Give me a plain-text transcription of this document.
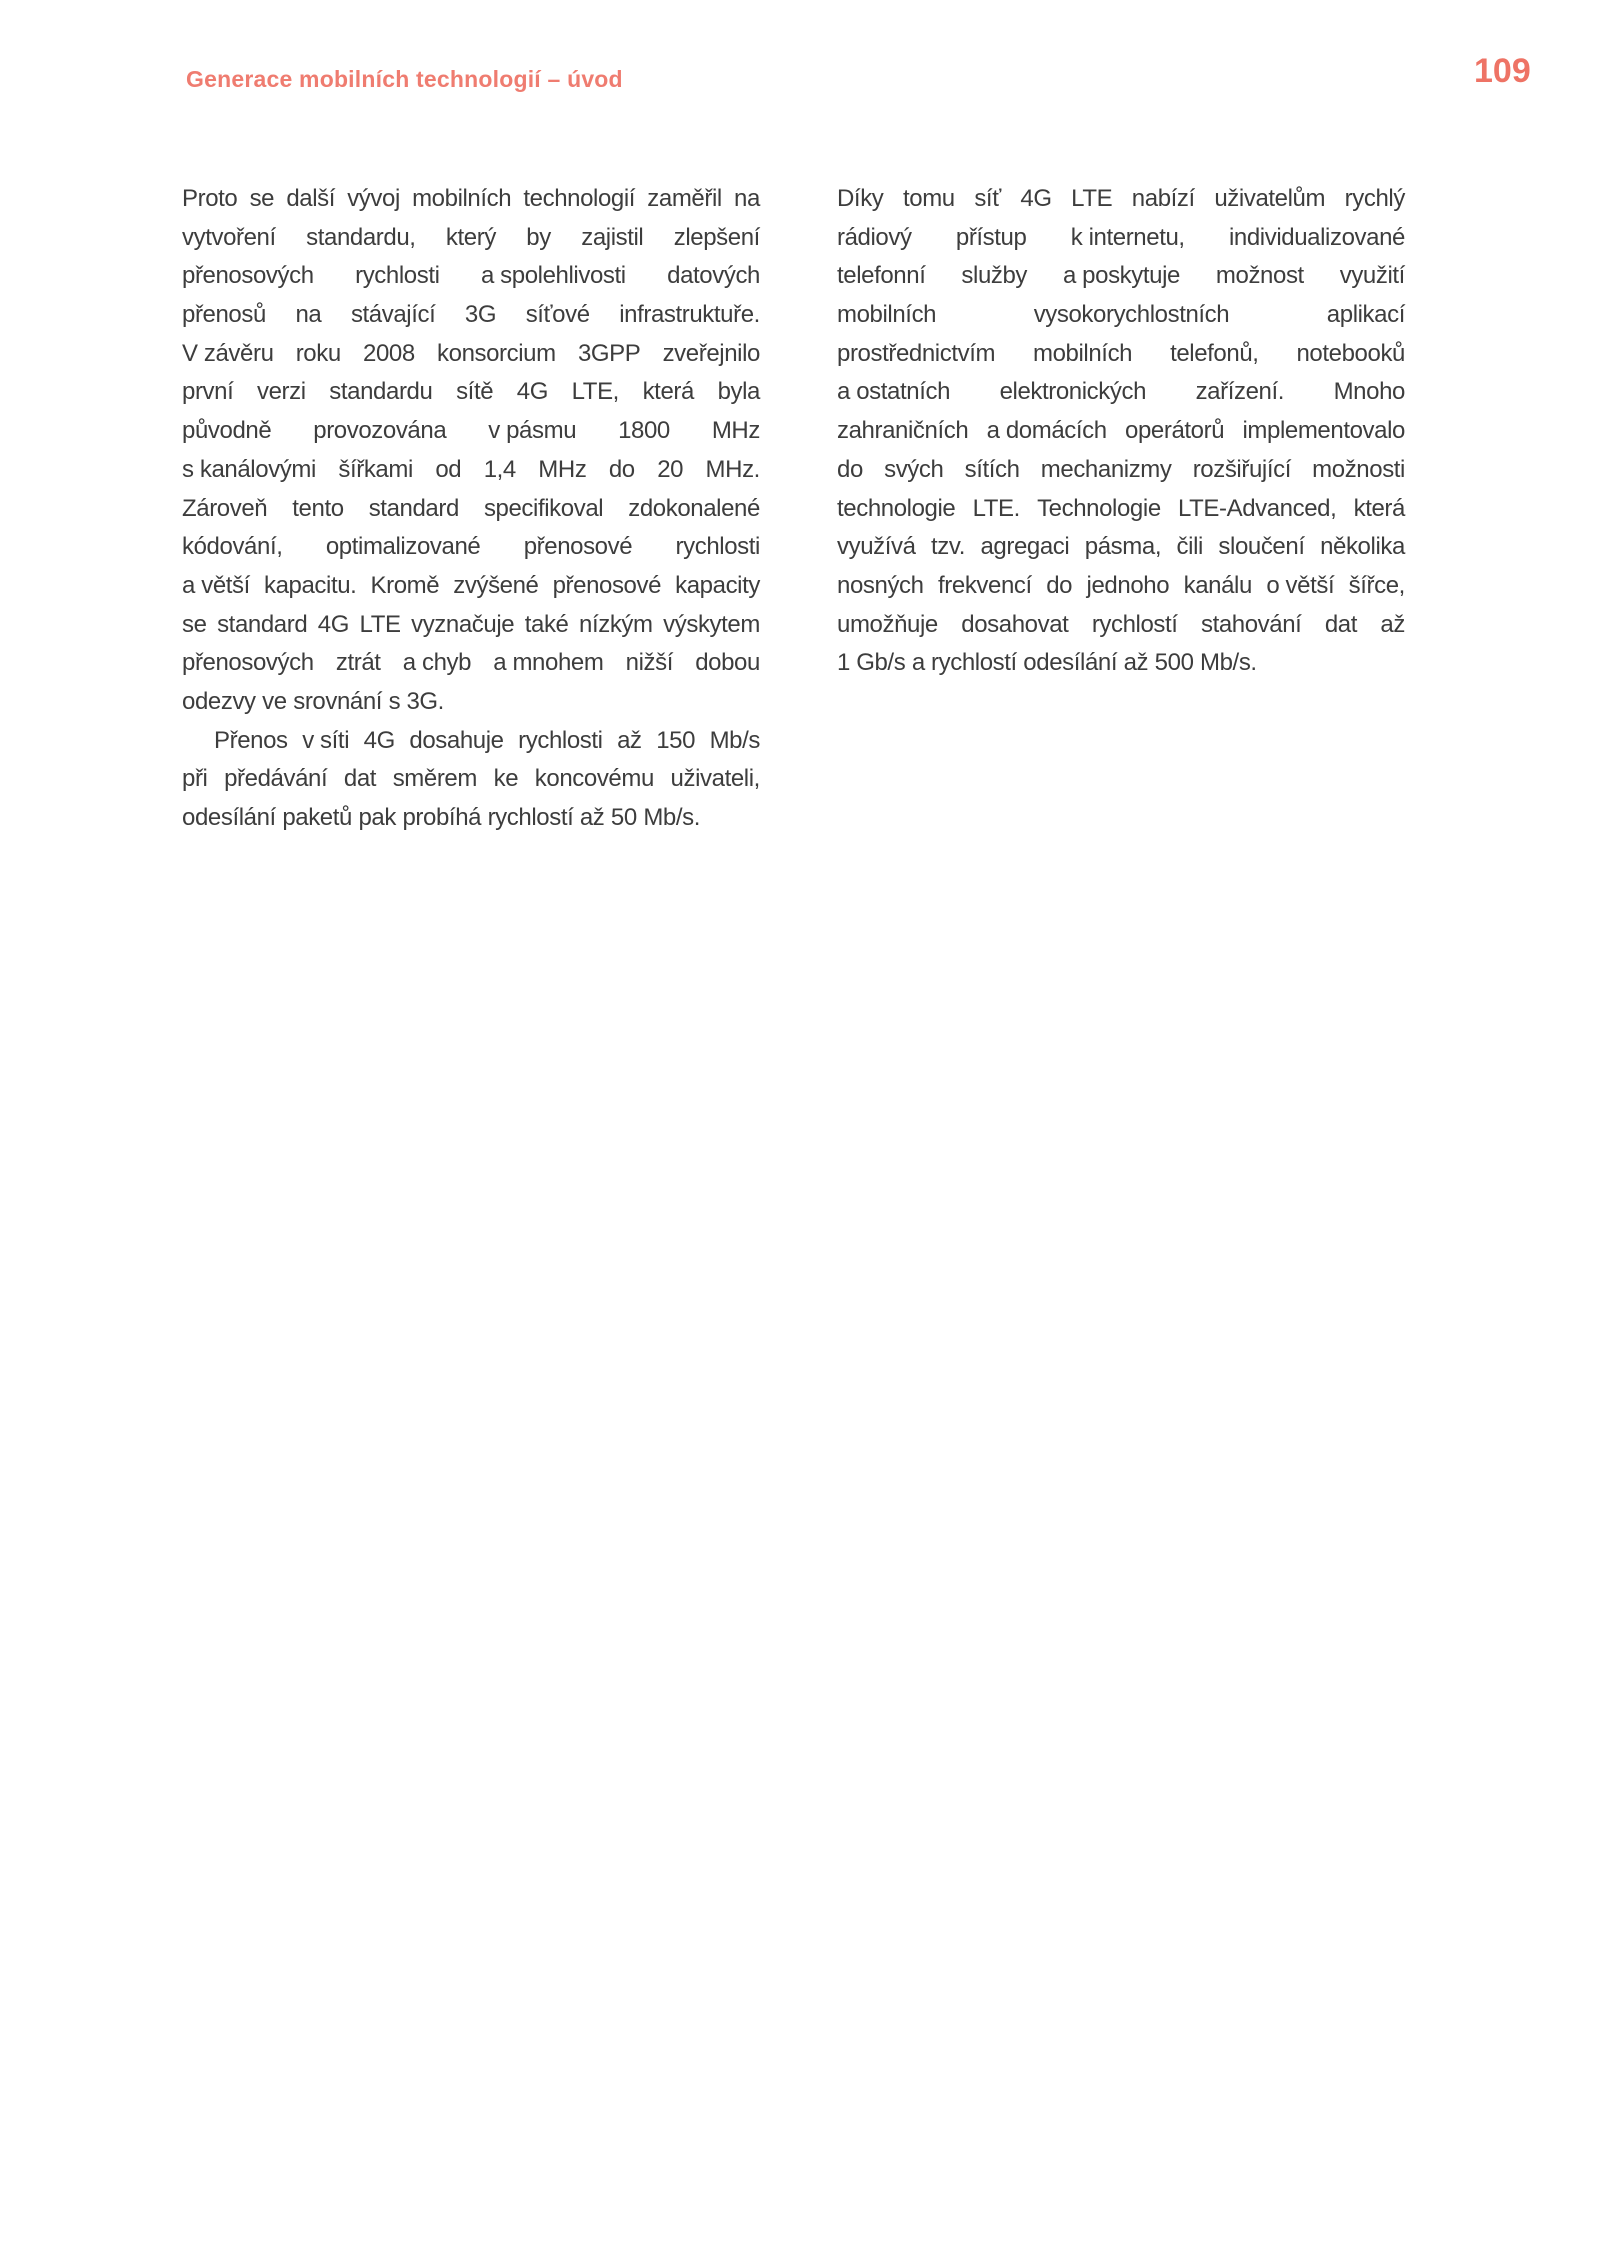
Generace mobilních technologií – úvod	109
Proto se další vývoj mobilních technologií zaměřil na
vytvoření standardu, který by zajistil zlepšení
přenosových rychlosti a spolehlivosti datových
přenosů na stávající 3G síťové infrastruktuře.
V závěru roku 2008 konsorcium 3GPP zveřejnilo
první verzi standardu sítě 4G LTE, která byla
původně provozována v pásmu 1800 MHz
s kanálovými šířkami od 1,4 MHz do 20 MHz.
Zároveň tento standard specifikoval zdokonalené
kódování, optimalizované přenosové rychlosti
a větší kapacitu. Kromě zvýšené přenosové kapacity
se standard 4G LTE vyznačuje také nízkým výskytem
přenosových ztrát a chyb a mnohem nižší dobou
odezvy ve srovnání s 3G.
Přenos v síti 4G dosahuje rychlosti až 150 Mb/s
při předávání dat směrem ke koncovému uživateli,
odesílání paketů pak probíhá rychlostí až 50 Mb/s.
Díky tomu síť 4G LTE nabízí uživatelům rychlý
rádiový přístup k internetu, individualizované
telefonní služby a poskytuje možnost využití
mobilních	vysokorychlostních	aplikací
prostřednictvím mobilních telefonů, notebooků
a ostatních elektronických zařízení. Mnoho
zahraničních a domácích operátorů implementovalo
do svých sítích mechanizmy rozšiřující možnosti
technologie LTE. Technologie LTE-Advanced, která
využívá tzv. agregaci pásma, čili sloučení několika
nosných frekvencí do jednoho kanálu o větší šířce,
umožňuje dosahovat rychlostí stahování dat až
1 Gb/s a rychlostí odesílání až 500 Mb/s.
